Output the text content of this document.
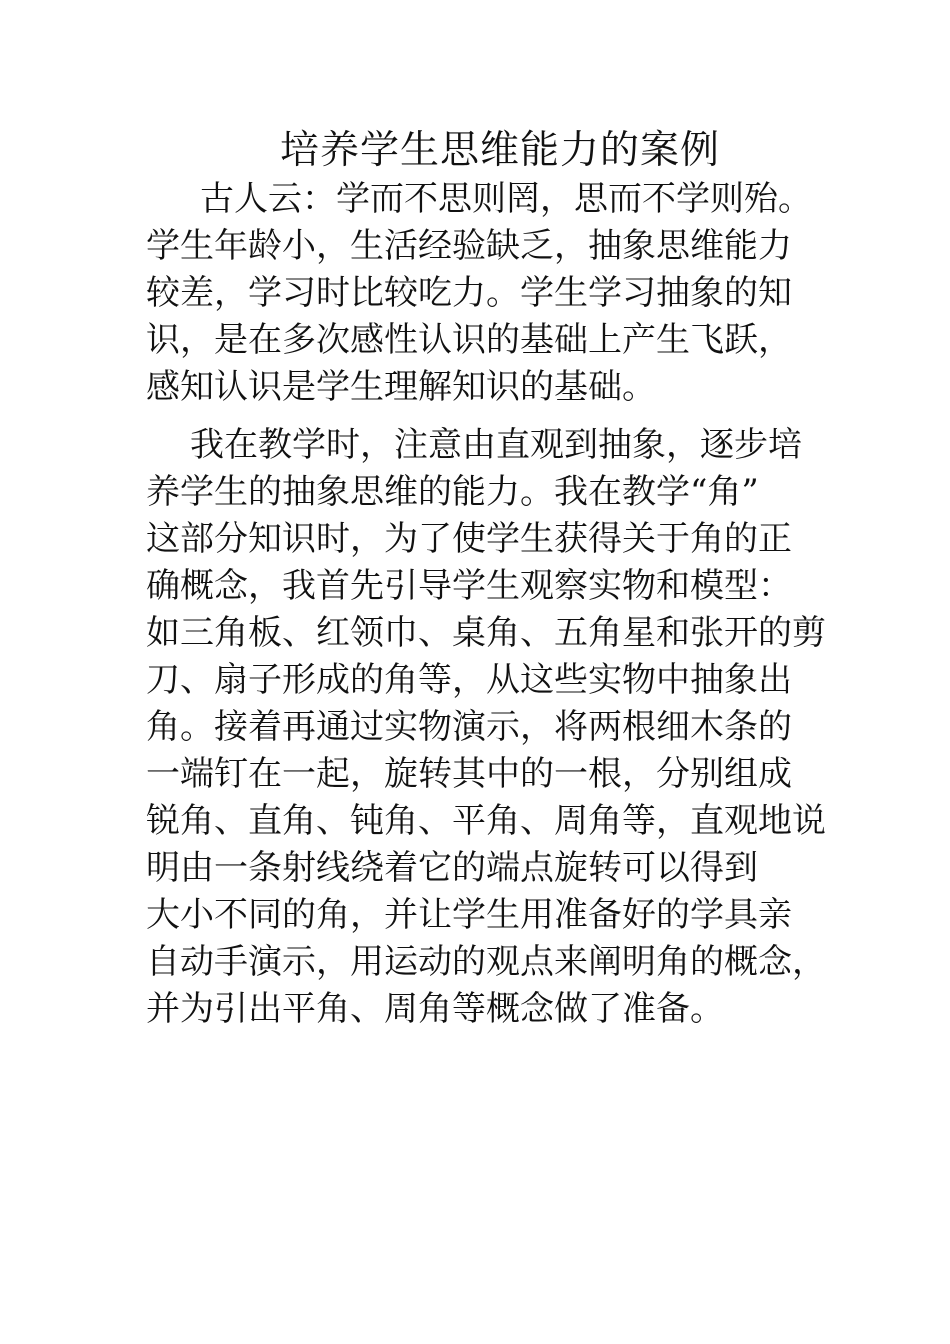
培养学生思维能力的案例
古人云：学而不思则罔，思而不学则殆。
学生年龄小，生活经验缺乏，抽象思维能力
较差，学习时比较吃力。学生学习抽象的知
识，是在多次感性认识的基础上产生飞跃，
感知认识是学生理解知识的基础。
我在教学时，注意由直观到抽象，逐步培
养学生的抽象思维的能力。我在教学“角”
这部分知识时，为了使学生获得关于角的正
确概念，我首先引导学生观察实物和模型：
如三角板、红领巾、桌角、五角星和张开的剪
刀、扇子形成的角等，从这些实物中抽象出
角。接着再通过实物演示，将两根细木条的
一端钉在一起，旋转其中的一根，分别组成
锐角、直角、钝角、平角、周角等，直观地说
明由一条射线绕着它的端点旋转可以得到
大小不同的角，并让学生用准备好的学具亲
自动手演示，用运动的观点来阐明角的概念，
并为引出平角、周角等概念做了准备。
